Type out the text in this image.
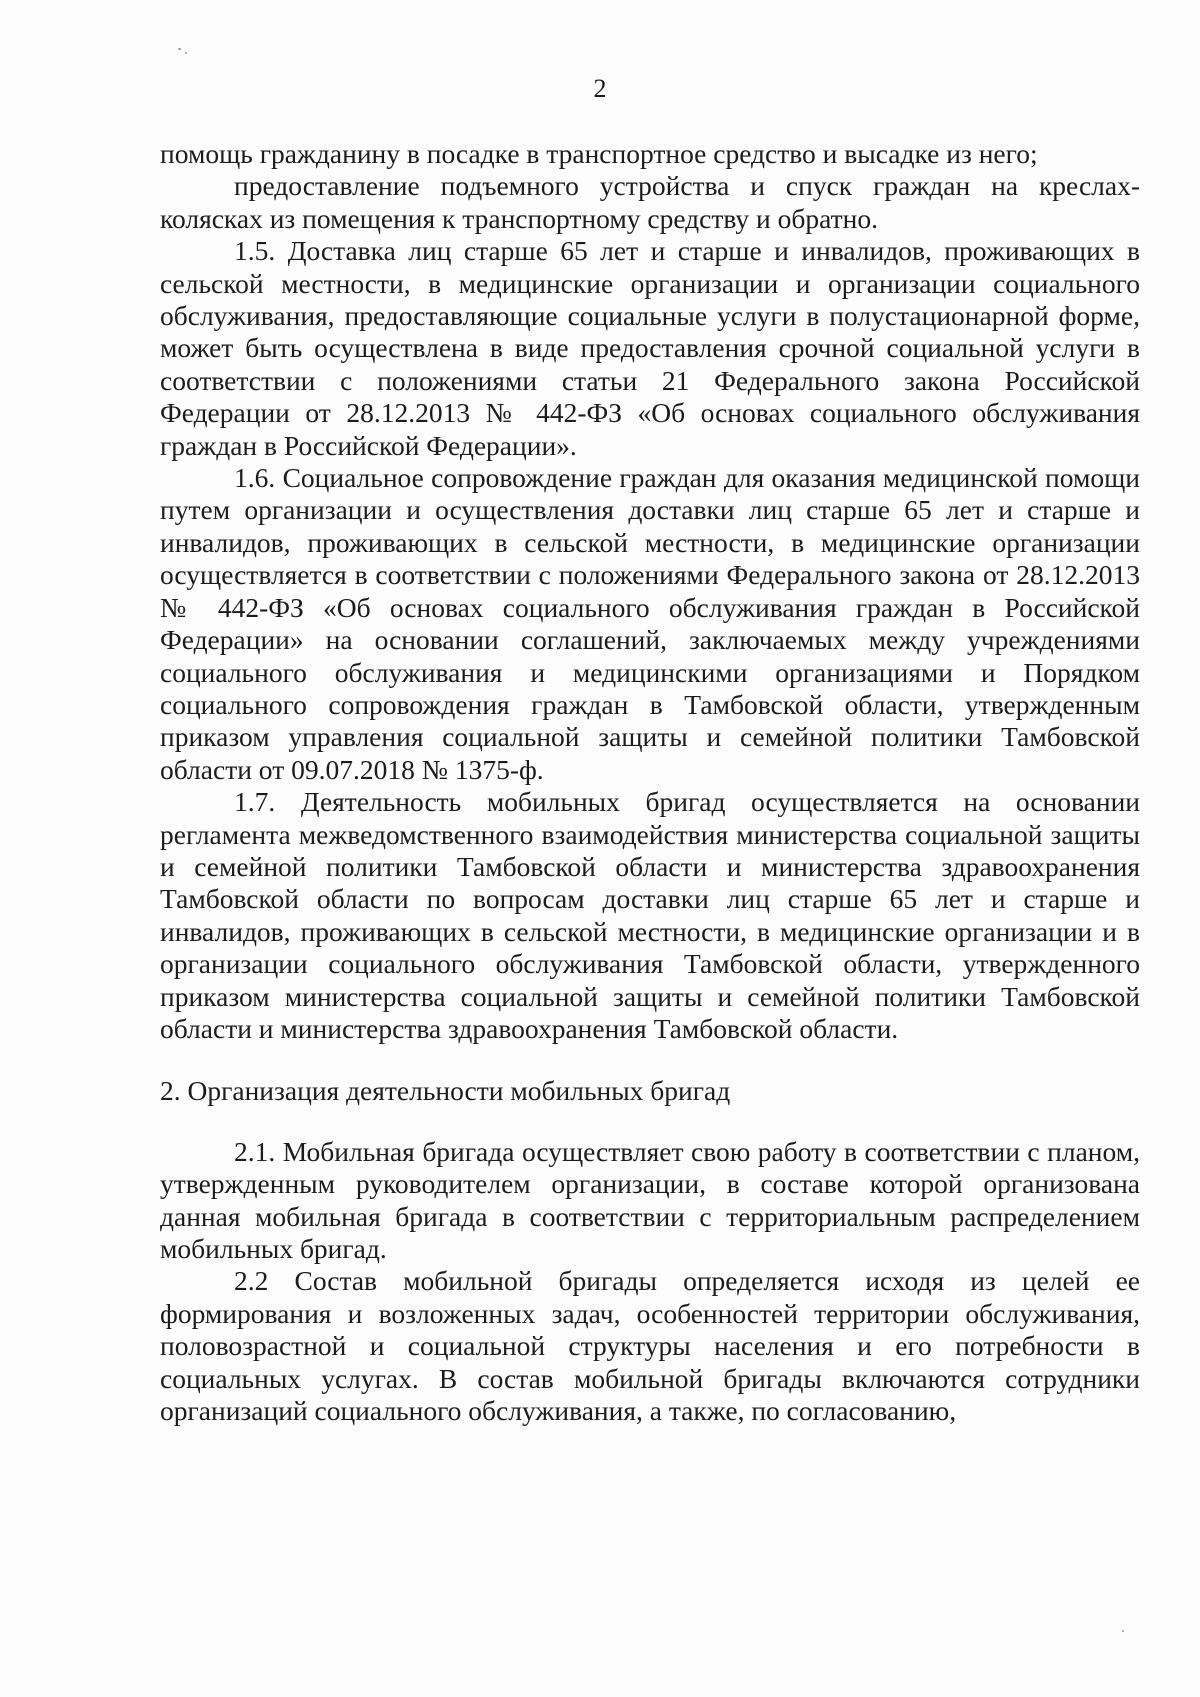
2

помощь гражданину в посадке в транспортное средство и высадке из него;

предоставление подъемного устройства и спуск граждан на креслах-колясках из помещения к транспортному средству и обратно.

1.5. Доставка лиц старше 65 лет и старше и инвалидов, проживающих в сельской местности, в медицинские организации и организации социального обслуживания, предоставляющие социальные услуги в полустационарной форме, может быть осуществлена в виде предоставления срочной социальной услуги в соответствии с положениями статьи 21 Федерального закона Российской Федерации от 28.12.2013 № 442-ФЗ «Об основах социального обслуживания граждан в Российской Федерации».

1.6. Социальное сопровождение граждан для оказания медицинской помощи путем организации и осуществления доставки лиц старше 65 лет и старше и инвалидов, проживающих в сельской местности, в медицинские организации осуществляется в соответствии с положениями Федерального закона от 28.12.2013 № 442-ФЗ «Об основах социального обслуживания граждан в Российской Федерации» на основании соглашений, заключаемых между учреждениями социального обслуживания и медицинскими организациями и Порядком социального сопровождения граждан в Тамбовской области, утвержденным приказом управления социальной защиты и семейной политики Тамбовской области от 09.07.2018 № 1375-ф.

1.7. Деятельность мобильных бригад осуществляется на основании регламента межведомственного взаимодействия министерства социальной защиты и семейной политики Тамбовской области и министерства здравоохранения Тамбовской области по вопросам доставки лиц старше 65 лет и старше и инвалидов, проживающих в сельской местности, в медицинские организации и в организации социального обслуживания Тамбовской области, утвержденного приказом министерства социальной защиты и семейной политики Тамбовской области и министерства здравоохранения Тамбовской области.

2. Организация деятельности мобильных бригад

2.1. Мобильная бригада осуществляет свою работу в соответствии с планом, утвержденным руководителем организации, в составе которой организована данная мобильная бригада в соответствии с территориальным распределением мобильных бригад.

2.2 Состав мобильной бригады определяется исходя из целей ее формирования и возложенных задач, особенностей территории обслуживания, половозрастной и социальной структуры населения и его потребности в социальных услугах. В состав мобильной бригады включаются сотрудники организаций социального обслуживания, а также, по согласованию,
